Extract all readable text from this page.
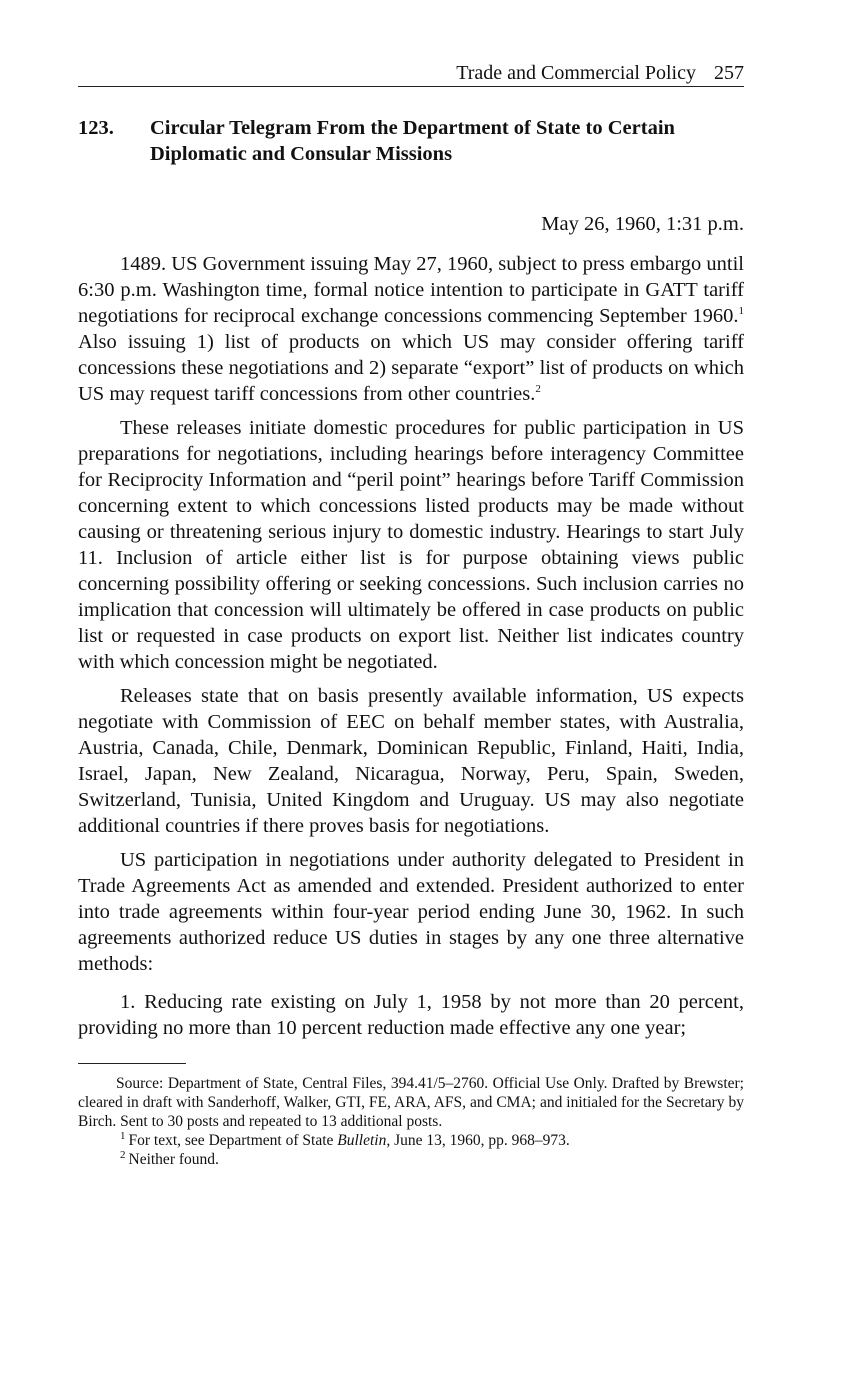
Trade and Commercial Policy 257
123.	Circular Telegram From the Department of State to Certain Diplomatic and Consular Missions
May 26, 1960, 1:31 p.m.

1489. US Government issuing May 27, 1960, subject to press embargo until 6:30 p.m. Washington time, formal notice intention to participate in GATT tariff negotiations for reciprocal exchange concessions commencing September 1960.$^1$ Also issuing 1) list of products on which US may consider offering tariff concessions these negotiations and 2) separate “export” list of products on which US may request tariff concessions from other countries.$^2$

These releases initiate domestic procedures for public participation in US preparations for negotiations, including hearings before interagency Committee for Reciprocity Information and “peril point” hearings before Tariff Commission concerning extent to which concessions listed products may be made without causing or threatening serious injury to domestic industry. Hearings to start July 11. Inclusion of article either list is for purpose obtaining views public concerning possibility offering or seeking concessions. Such inclusion carries no implication that concession will ultimately be offered in case products on public list or requested in case products on export list. Neither list indicates country with which concession might be negotiated.

Releases state that on basis presently available information, US expects negotiate with Commission of EEC on behalf member states, with Australia, Austria, Canada, Chile, Denmark, Dominican Republic, Finland, Haiti, India, Israel, Japan, New Zealand, Nicaragua, Norway, Peru, Spain, Sweden, Switzerland, Tunisia, United Kingdom and Uruguay. US may also negotiate additional countries if there proves basis for negotiations.

US participation in negotiations under authority delegated to President in Trade Agreements Act as amended and extended. President authorized to enter into trade agreements within four-year period ending June 30, 1962. In such agreements authorized reduce US duties in stages by any one three alternative methods:

1. Reducing rate existing on July 1, 1958 by not more than 20 percent, providing no more than 10 percent reduction made effective any one year;

Source: Department of State, Central Files, 394.41/5–2760. Official Use Only. Drafted by Brewster; cleared in draft with Sanderhoff, Walker, GTI, FE, ARA, AFS, and CMA; and initialed for the Secretary by Birch. Sent to 30 posts and repeated to 13 additional posts.

$^1$ For text, see Department of State Bulletin, June 13, 1960, pp. 968–973.

$^2$ Neither found.
